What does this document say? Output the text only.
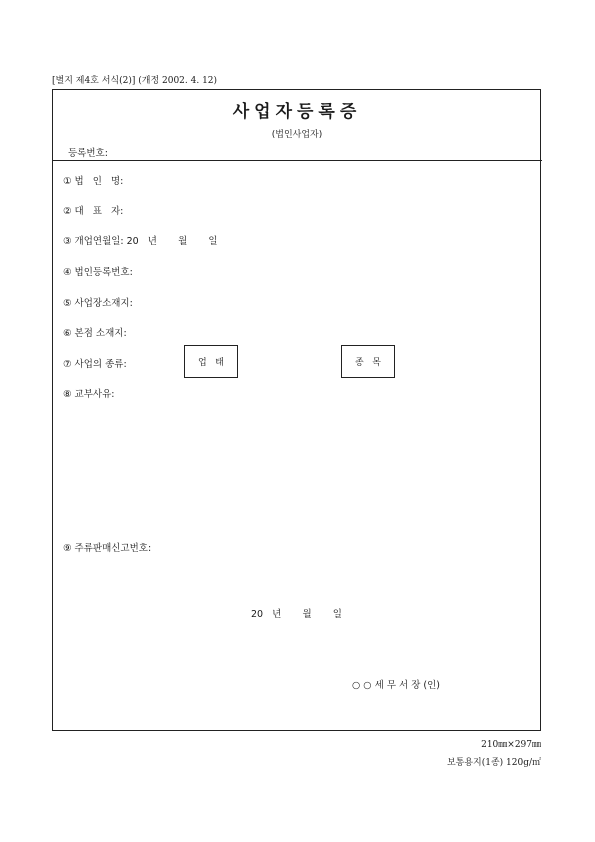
[별지 제4호 서식(2)] (개정 2002. 4. 12)
사업자등록증
(법인사업자)
등록번호:
① 법   인   명:
② 대   표   자:
③ 개업연월일: 20   년       월       일
④ 법인등록번호:
⑤ 사업장소재지:
⑥ 본점 소재지:
⑦ 사업의 종류:	업   태	종   목
⑧ 교부사유:
⑨ 주류판매신고번호:
20   년       월       일
○ ○ 세 무 서 장 (인)
210㎜×297㎜
보통용지(1종) 120g/㎡
